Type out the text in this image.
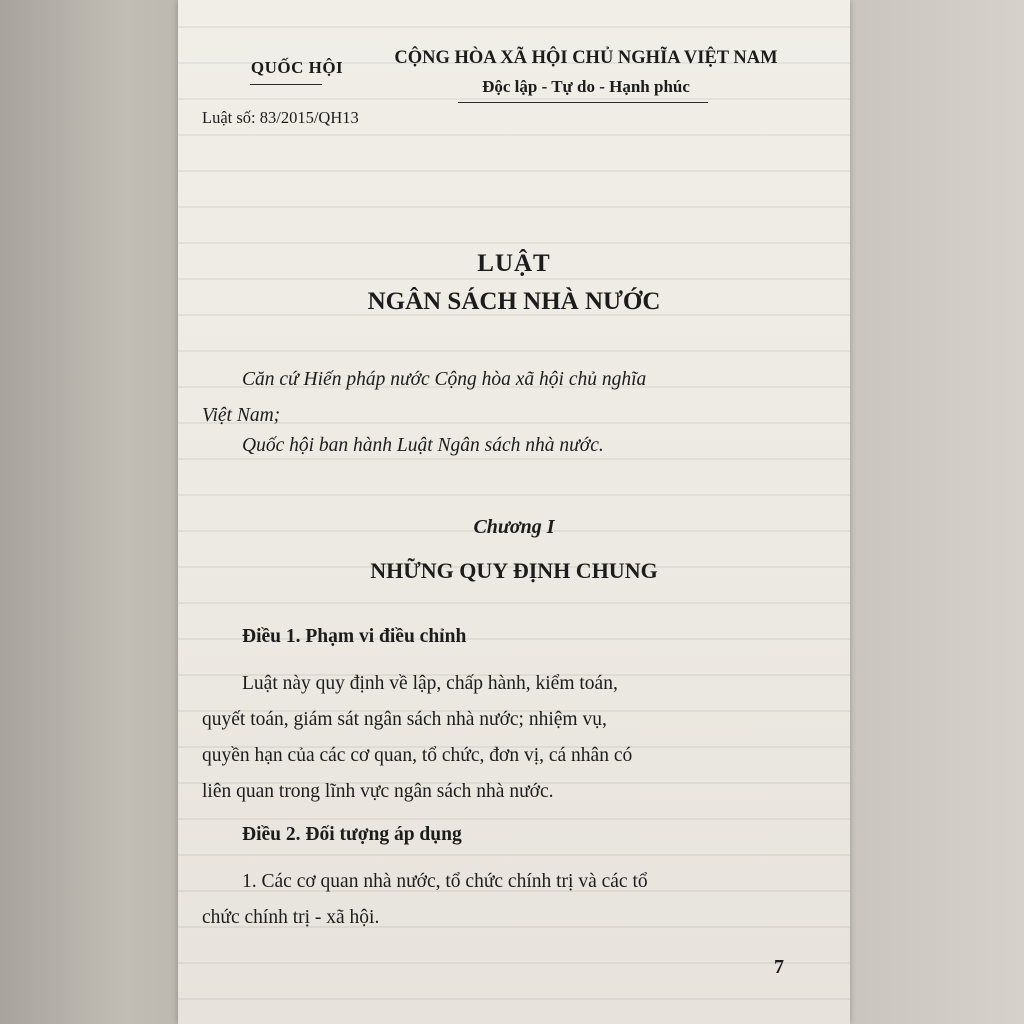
QUỐC HỘI
Luật số: 83/2015/QH13
CỘNG HÒA XÃ HỘI CHỦ NGHĨA VIỆT NAM
Độc lập - Tự do - Hạnh phúc
LUẬT
NGÂN SÁCH NHÀ NƯỚC
Căn cứ Hiến pháp nước Cộng hòa xã hội chủ nghĩa
Việt Nam;
Quốc hội ban hành Luật Ngân sách nhà nước.
Chương I
NHỮNG QUY ĐỊNH CHUNG
Điều 1. Phạm vi điều chỉnh
Luật này quy định về lập, chấp hành, kiểm toán,
quyết toán, giám sát ngân sách nhà nước; nhiệm vụ,
quyền hạn của các cơ quan, tổ chức, đơn vị, cá nhân có
liên quan trong lĩnh vực ngân sách nhà nước.
Điều 2. Đối tượng áp dụng
1. Các cơ quan nhà nước, tổ chức chính trị và các tổ
chức chính trị - xã hội.
7
